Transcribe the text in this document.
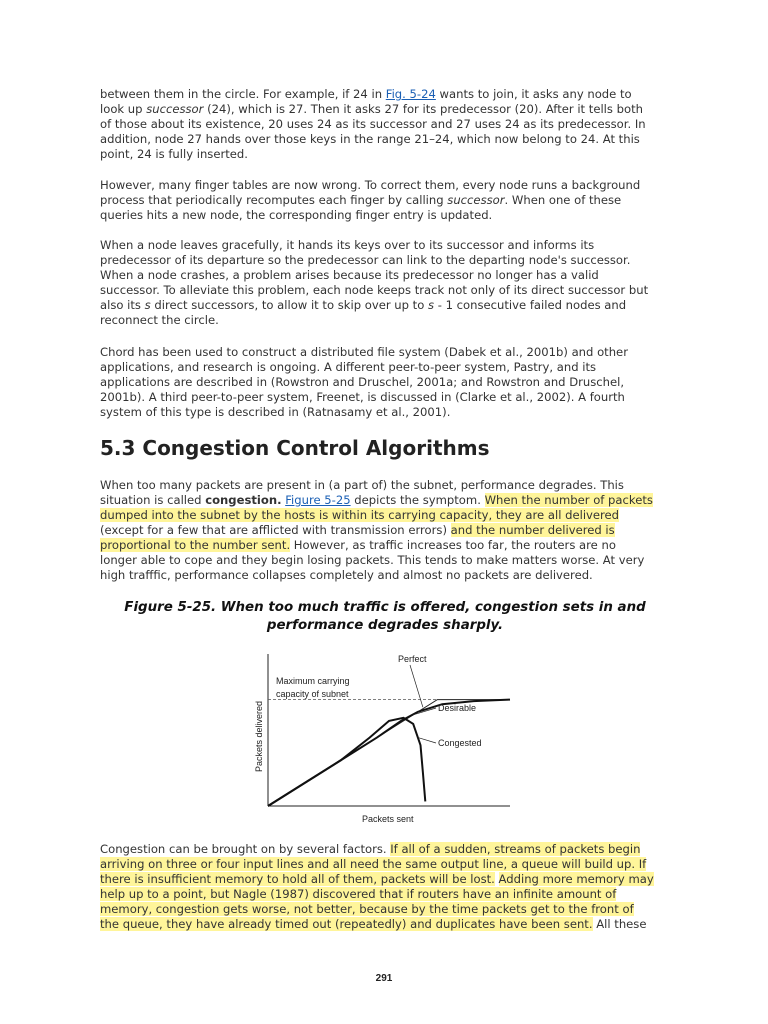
between them in the circle. For example, if 24 in Fig. 5-24 wants to join, it asks any node to
look up successor (24), which is 27. Then it asks 27 for its predecessor (20). After it tells both
of those about its existence, 20 uses 24 as its successor and 27 uses 24 as its predecessor. In
addition, node 27 hands over those keys in the range 21–24, which now belong to 24. At this
point, 24 is fully inserted.

However, many finger tables are now wrong. To correct them, every node runs a background
process that periodically recomputes each finger by calling successor. When one of these
queries hits a new node, the corresponding finger entry is updated.

When a node leaves gracefully, it hands its keys over to its successor and informs its
predecessor of its departure so the predecessor can link to the departing node's successor.
When a node crashes, a problem arises because its predecessor no longer has a valid
successor. To alleviate this problem, each node keeps track not only of its direct successor but
also its s direct successors, to allow it to skip over up to s - 1 consecutive failed nodes and
reconnect the circle.

Chord has been used to construct a distributed file system (Dabek et al., 2001b) and other
applications, and research is ongoing. A different peer-to-peer system, Pastry, and its
applications are described in (Rowstron and Druschel, 2001a; and Rowstron and Druschel,
2001b). A third peer-to-peer system, Freenet, is discussed in (Clarke et al., 2002). A fourth
system of this type is described in (Ratnasamy et al., 2001).

5.3 Congestion Control Algorithms

When too many packets are present in (a part of) the subnet, performance degrades. This
situation is called congestion. Figure 5-25 depicts the symptom. When the number of packets
dumped into the subnet by the hosts is within its carrying capacity, they are all delivered
(except for a few that are afflicted with transmission errors) and the number delivered is
proportional to the number sent. However, as traffic increases too far, the routers are no
longer able to cope and they begin losing packets. This tends to make matters worse. At very
high trafffic, performance collapses completely and almost no packets are delivered.

Figure 5-25. When too much traffic is offered, congestion sets in and
performance degrades sharply.

Perfect
Maximum carrying
capacity of subnet
Desirable
Congested
Packets sent
Packets delivered

Congestion can be brought on by several factors. If all of a sudden, streams of packets begin
arriving on three or four input lines and all need the same output line, a queue will build up. If
there is insufficient memory to hold all of them, packets will be lost. Adding more memory may
help up to a point, but Nagle (1987) discovered that if routers have an infinite amount of
memory, congestion gets worse, not better, because by the time packets get to the front of
the queue, they have already timed out (repeatedly) and duplicates have been sent. All these

291
